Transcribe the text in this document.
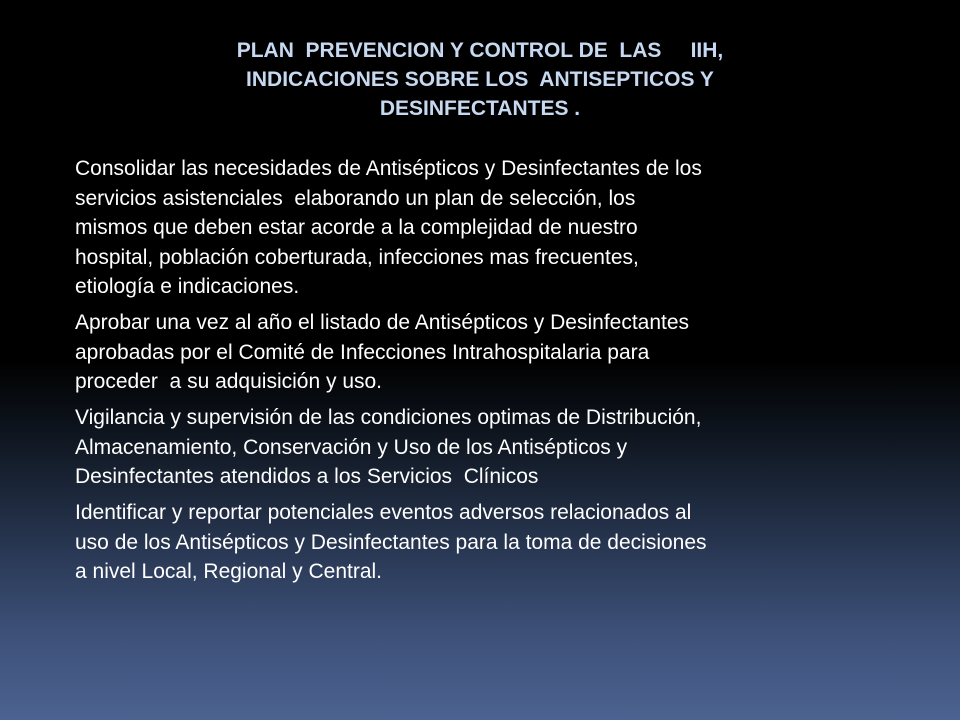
PLAN  PREVENCION Y CONTROL DE  LAS     IIH,
INDICACIONES SOBRE LOS  ANTISEPTICOS Y
DESINFECTANTES .
Consolidar las necesidades de Antisépticos y Desinfectantes de los
servicios asistenciales  elaborando un plan de selección, los
mismos que deben estar acorde a la complejidad de nuestro
hospital, población coberturada, infecciones mas frecuentes,
etiología e indicaciones.
Aprobar una vez al año el listado de Antisépticos y Desinfectantes
aprobadas por el Comité de Infecciones Intrahospitalaria para
proceder  a su adquisición y uso.
Vigilancia y supervisión de las condiciones optimas de Distribución,
Almacenamiento, Conservación y Uso de los Antisépticos y
Desinfectantes atendidos a los Servicios  Clínicos
Identificar y reportar potenciales eventos adversos relacionados al
uso de los Antisépticos y Desinfectantes para la toma de decisiones
a nivel Local, Regional y Central.
